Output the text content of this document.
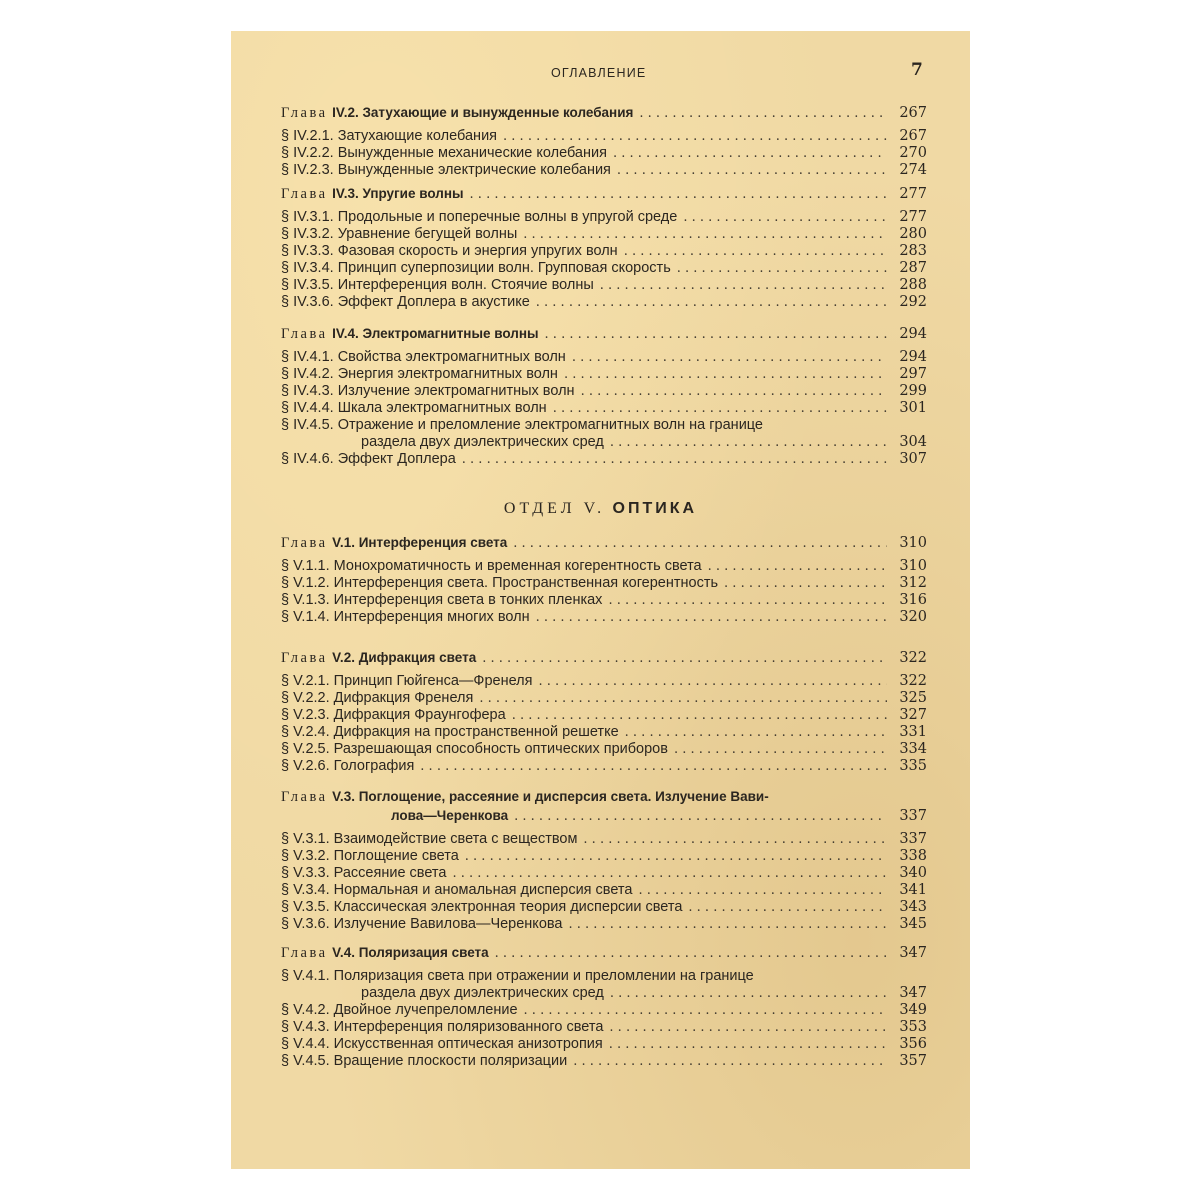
ОГЛАВЛЕНИЕ	7
Глава IV.2. Затухающие и вынужденные колебания . . .	267
§ IV.2.1. Затухающие колебания . . .	267
§ IV.2.2. Вынужденные механические колебания . . .	270
§ IV.2.3. Вынужденные электрические колебания . . .	274
Глава IV.3. Упругие волны . . .	277
§ IV.3.1. Продольные и поперечные волны в упругой среде . . .	277
§ IV.3.2. Уравнение бегущей волны . . .	280
§ IV.3.3. Фазовая скорость и энергия упругих волн . . .	283
§ IV.3.4. Принцип суперпозиции волн. Групповая скорость . . .	287
§ IV.3.5. Интерференция волн. Стоячие волны . . .	288
§ IV.3.6. Эффект Доплера в акустике . . .	292
Глава IV.4. Электромагнитные волны . . .	294
§ IV.4.1. Свойства электромагнитных волн . . .	294
§ IV.4.2. Энергия электромагнитных волн . . .	297
§ IV.4.3. Излучение электромагнитных волн . . .	299
§ IV.4.4. Шкала электромагнитных волн . . .	301
§ IV.4.5. Отражение и преломление электромагнитных волн на границе
раздела двух диэлектрических сред . . .	304
§ IV.4.6. Эффект Доплера . . .	307
ОТДЕЛ V. ОПТИКА
Глава V.1. Интерференция света . . .	310
§ V.1.1. Монохроматичность и временная когерентность света . . .	310
§ V.1.2. Интерференция света. Пространственная когерентность . . .	312
§ V.1.3. Интерференция света в тонких пленках . . .	316
§ V.1.4. Интерференция многих волн . . .	320
Глава V.2. Дифракция света . . .	322
§ V.2.1. Принцип Гюйгенса—Френеля . . .	322
§ V.2.2. Дифракция Френеля . . .	325
§ V.2.3. Дифракция Фраунгофера . . .	327
§ V.2.4. Дифракция на пространственной решетке . . .	331
§ V.2.5. Разрешающая способность оптических приборов . . .	334
§ V.2.6. Голография . . .	335
Глава V.3. Поглощение, рассеяние и дисперсия света. Излучение Вави-
лова—Черенкова . . .	337
§ V.3.1. Взаимодействие света с веществом . . .	337
§ V.3.2. Поглощение света . . .	338
§ V.3.3. Рассеяние света . . .	340
§ V.3.4. Нормальная и аномальная дисперсия света . . .	341
§ V.3.5. Классическая электронная теория дисперсии света . . .	343
§ V.3.6. Излучение Вавилова—Черенкова . . .	345
Глава V.4. Поляризация света . . .	347
§ V.4.1. Поляризация света при отражении и преломлении на границе
раздела двух диэлектрических сред . . .	347
§ V.4.2. Двойное лучепреломление . . .	349
§ V.4.3. Интерференция поляризованного света . . .	353
§ V.4.4. Искусственная оптическая анизотропия . . .	356
§ V.4.5. Вращение плоскости поляризации . . .	357
